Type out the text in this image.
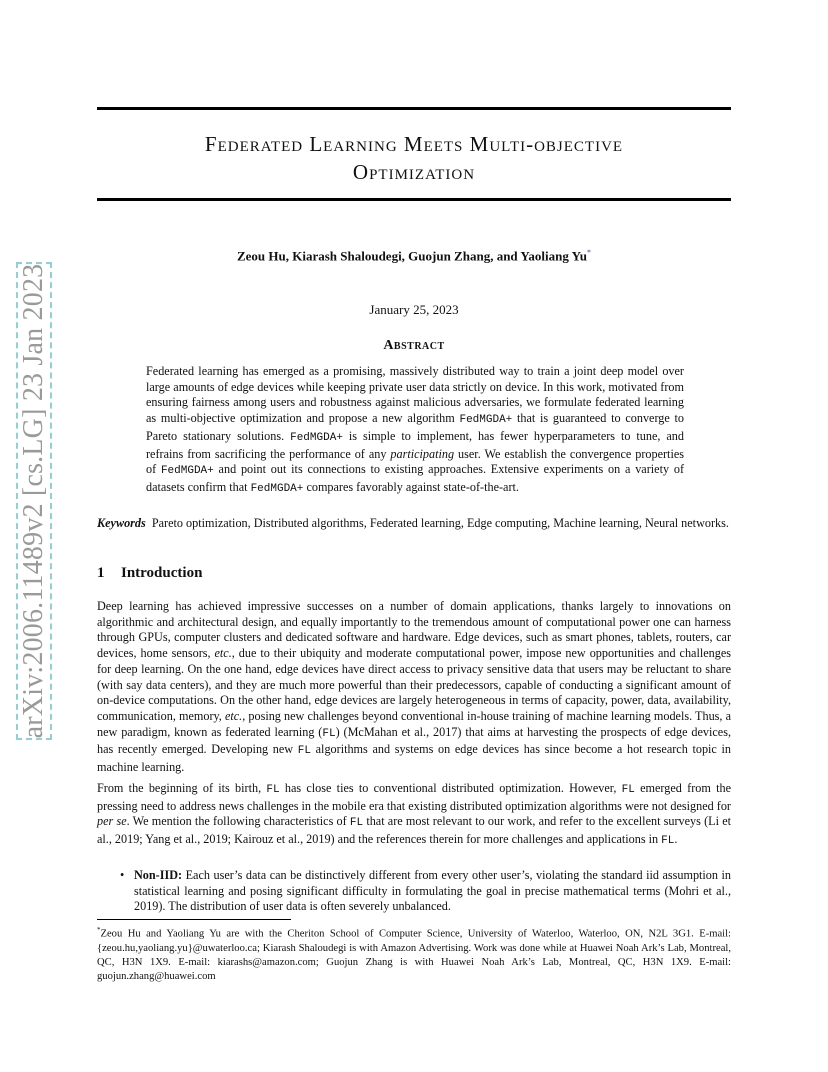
arXiv:2006.11489v2 [cs.LG] 23 Jan 2023
Federated Learning Meets Multi-objective
Optimization
Zeou Hu, Kiarash Shaloudegi, Guojun Zhang, and Yaoliang Yu*
January 25, 2023
Abstract
Federated learning has emerged as a promising, massively distributed way to train a joint deep model over large amounts of edge devices while keeping private user data strictly on device. In this work, motivated from ensuring fairness among users and robustness against malicious adversaries, we formulate federated learning as multi-objective optimization and propose a new algorithm FedMGDA+ that is guaranteed to converge to Pareto stationary solutions. FedMGDA+ is simple to implement, has fewer hyperparameters to tune, and refrains from sacrificing the performance of any participating user. We establish the convergence properties of FedMGDA+ and point out its connections to existing approaches. Extensive experiments on a variety of datasets confirm that FedMGDA+ compares favorably against state-of-the-art.
Keywords Pareto optimization, Distributed algorithms, Federated learning, Edge computing, Machine learning, Neural networks.
1 Introduction
Deep learning has achieved impressive successes on a number of domain applications, thanks largely to innovations on algorithmic and architectural design, and equally importantly to the tremendous amount of computational power one can harness through GPUs, computer clusters and dedicated software and hardware. Edge devices, such as smart phones, tablets, routers, car devices, home sensors, etc., due to their ubiquity and moderate computational power, impose new opportunities and challenges for deep learning. On the one hand, edge devices have direct access to privacy sensitive data that users may be reluctant to share (with say data centers), and they are much more powerful than their predecessors, capable of conducting a significant amount of on-device computations. On the other hand, edge devices are largely heterogeneous in terms of capacity, power, data, availability, communication, memory, etc., posing new challenges beyond conventional in-house training of machine learning models. Thus, a new paradigm, known as federated learning (FL) (McMahan et al., 2017) that aims at harvesting the prospects of edge devices, has recently emerged. Developing new FL algorithms and systems on edge devices has since become a hot research topic in machine learning.
From the beginning of its birth, FL has close ties to conventional distributed optimization. However, FL emerged from the pressing need to address news challenges in the mobile era that existing distributed optimization algorithms were not designed for per se. We mention the following characteristics of FL that are most relevant to our work, and refer to the excellent surveys (Li et al., 2019; Yang et al., 2019; Kairouz et al., 2019) and the references therein for more challenges and applications in FL.
• Non-IID: Each user’s data can be distinctively different from every other user’s, violating the standard iid assumption in statistical learning and posing significant difficulty in formulating the goal in precise mathematical terms (Mohri et al., 2019). The distribution of user data is often severely unbalanced.
*Zeou Hu and Yaoliang Yu are with the Cheriton School of Computer Science, University of Waterloo, Waterloo, ON, N2L 3G1. E-mail: {zeou.hu,yaoliang.yu}@uwaterloo.ca; Kiarash Shaloudegi is with Amazon Advertising. Work was done while at Huawei Noah Ark’s Lab, Montreal, QC, H3N 1X9. E-mail: kiarashs@amazon.com; Guojun Zhang is with Huawei Noah Ark’s Lab, Montreal, QC, H3N 1X9. E-mail: guojun.zhang@huawei.com
